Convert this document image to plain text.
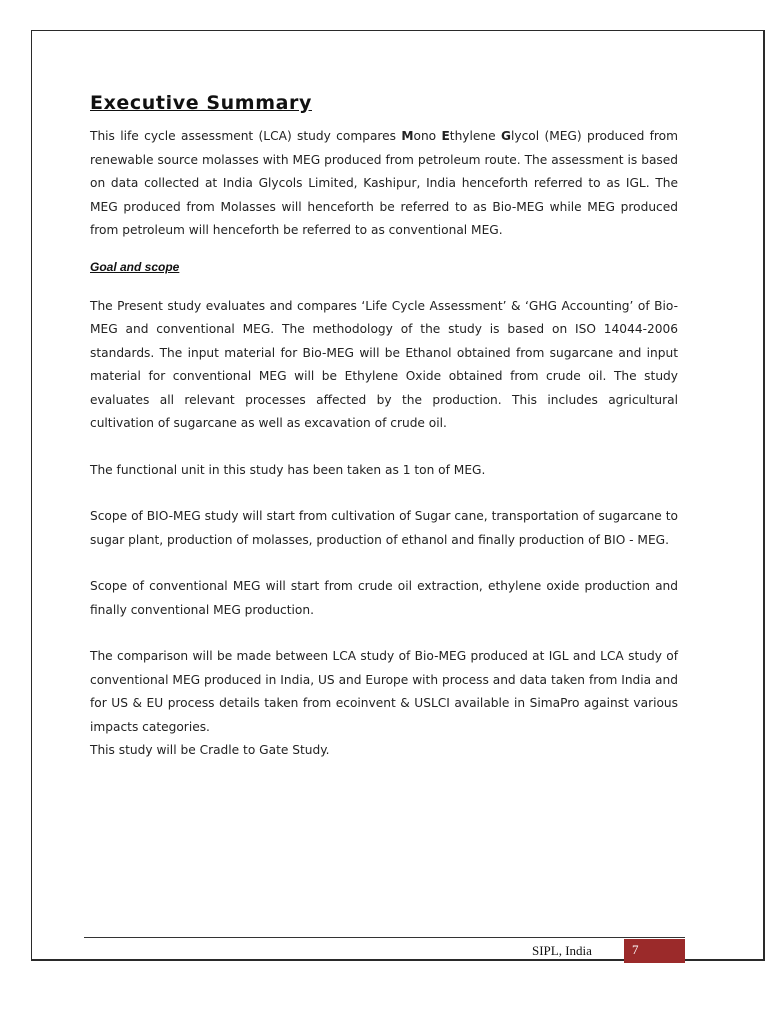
Executive Summary

This life cycle assessment (LCA) study compares Mono Ethylene Glycol (MEG) produced from renewable source molasses with MEG produced from petroleum route. The assessment is based on data collected at India Glycols Limited, Kashipur, India henceforth referred to as IGL. The MEG produced from Molasses will henceforth be referred to as Bio-MEG while MEG produced from petroleum will henceforth be referred to as conventional MEG.

Goal and scope

The Present study evaluates and compares ‘Life Cycle Assessment’ & ‘GHG Accounting’ of Bio-MEG and conventional MEG. The methodology of the study is based on ISO 14044-2006 standards. The input material for Bio-MEG will be Ethanol obtained from sugarcane and input material for conventional MEG will be Ethylene Oxide obtained from crude oil. The study evaluates all relevant processes affected by the production. This includes agricultural cultivation of sugarcane as well as excavation of crude oil.

The functional unit in this study has been taken as 1 ton of MEG.

Scope of BIO-MEG study will start from cultivation of Sugar cane, transportation of sugarcane to sugar plant, production of molasses, production of ethanol and finally production of BIO - MEG.

Scope of conventional MEG will start from crude oil extraction, ethylene oxide production and finally conventional MEG production.

The comparison will be made between LCA study of Bio-MEG produced at IGL and LCA study of conventional MEG produced in India, US and Europe with process and data taken from India and for US & EU process details taken from ecoinvent & USLCI available in SimaPro against various impacts categories.

This study will be Cradle to Gate Study.

SIPL, India	7
